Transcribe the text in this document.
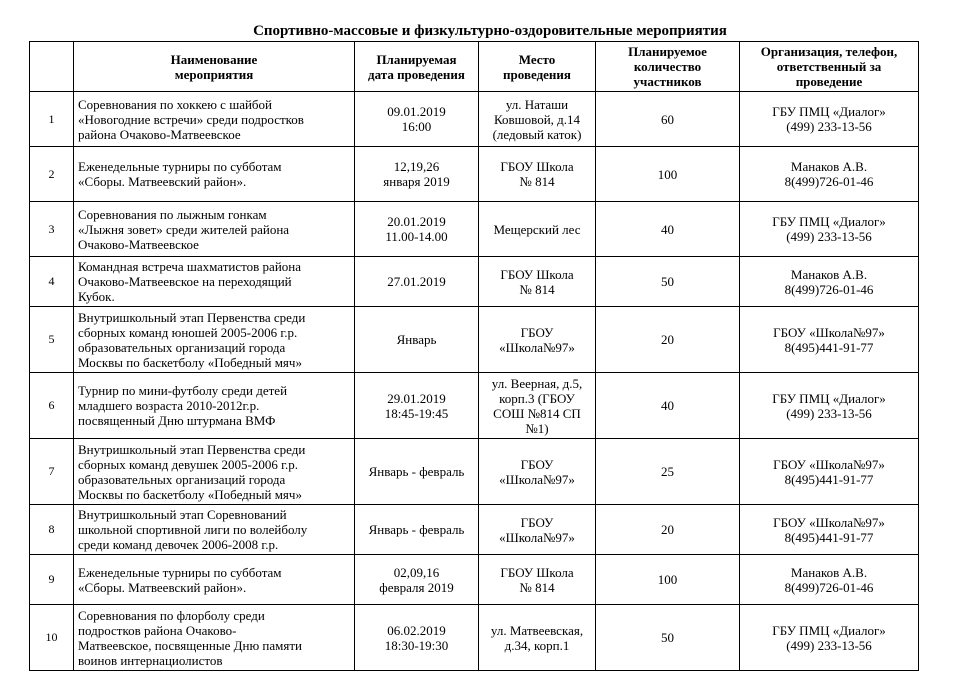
Спортивно-массовые и физкультурно-оздоровительные мероприятия
	Наименование
мероприятия	Планируемая
дата проведения	Место
проведения	Планируемое
количество
участников	Организация, телефон,
ответственный за
проведение
1	Соревнования по хоккею с шайбой
«Новогодние встречи» среди подростков
района Очаково-Матвеевское	09.01.2019
16:00	ул. Наташи
Ковшовой, д.14
(ледовый каток)	60	ГБУ ПМЦ «Диалог»
(499) 233-13-56
2	Еженедельные турниры по субботам
«Сборы. Матвеевский район».	12,19,26
января 2019	ГБОУ Школа
№ 814	100	Манаков А.В.
8(499)726-01-46
3	Соревнования по лыжным гонкам
«Лыжня зовет» среди жителей района
Очаково-Матвеевское	20.01.2019
11.00-14.00	Мещерский лес	40	ГБУ ПМЦ «Диалог»
(499) 233-13-56
4	Командная встреча шахматистов района
Очаково-Матвеевское на переходящий
Кубок.	27.01.2019	ГБОУ Школа
№ 814	50	Манаков А.В.
8(499)726-01-46
5	Внутришкольный этап Первенства среди
сборных команд юношей 2005-2006 г.р.
образовательных организаций города
Москвы по баскетболу «Победный мяч»	Январь	ГБОУ
«Школа№97»	20	ГБОУ «Школа№97»
8(495)441-91-77
6	Турнир по мини-футболу среди детей
младшего возраста 2010-2012г.р.
посвященный Дню штурмана ВМФ	29.01.2019
18:45-19:45	ул. Веерная, д.5,
корп.3 (ГБОУ
СОШ №814 СП
№1)	40	ГБУ ПМЦ «Диалог»
(499) 233-13-56
7	Внутришкольный этап Первенства среди
сборных команд девушек 2005-2006 г.р.
образовательных организаций города
Москвы по баскетболу «Победный мяч»	Январь - февраль	ГБОУ
«Школа№97»	25	ГБОУ «Школа№97»
8(495)441-91-77
8	Внутришкольный этап Соревнований
школьной спортивной лиги по волейболу
среди команд девочек 2006-2008 г.р.	Январь - февраль	ГБОУ
«Школа№97»	20	ГБОУ «Школа№97»
8(495)441-91-77
9	Еженедельные турниры по субботам
«Сборы. Матвеевский район».	02,09,16
февраля 2019	ГБОУ Школа
№ 814	100	Манаков А.В.
8(499)726-01-46
10	Соревнования по флорболу среди
подростков района Очаково-
Матвеевское, посвященные Дню памяти
воинов интернациолистов	06.02.2019
18:30-19:30	ул. Матвеевская,
д.34, корп.1	50	ГБУ ПМЦ «Диалог»
(499) 233-13-56
